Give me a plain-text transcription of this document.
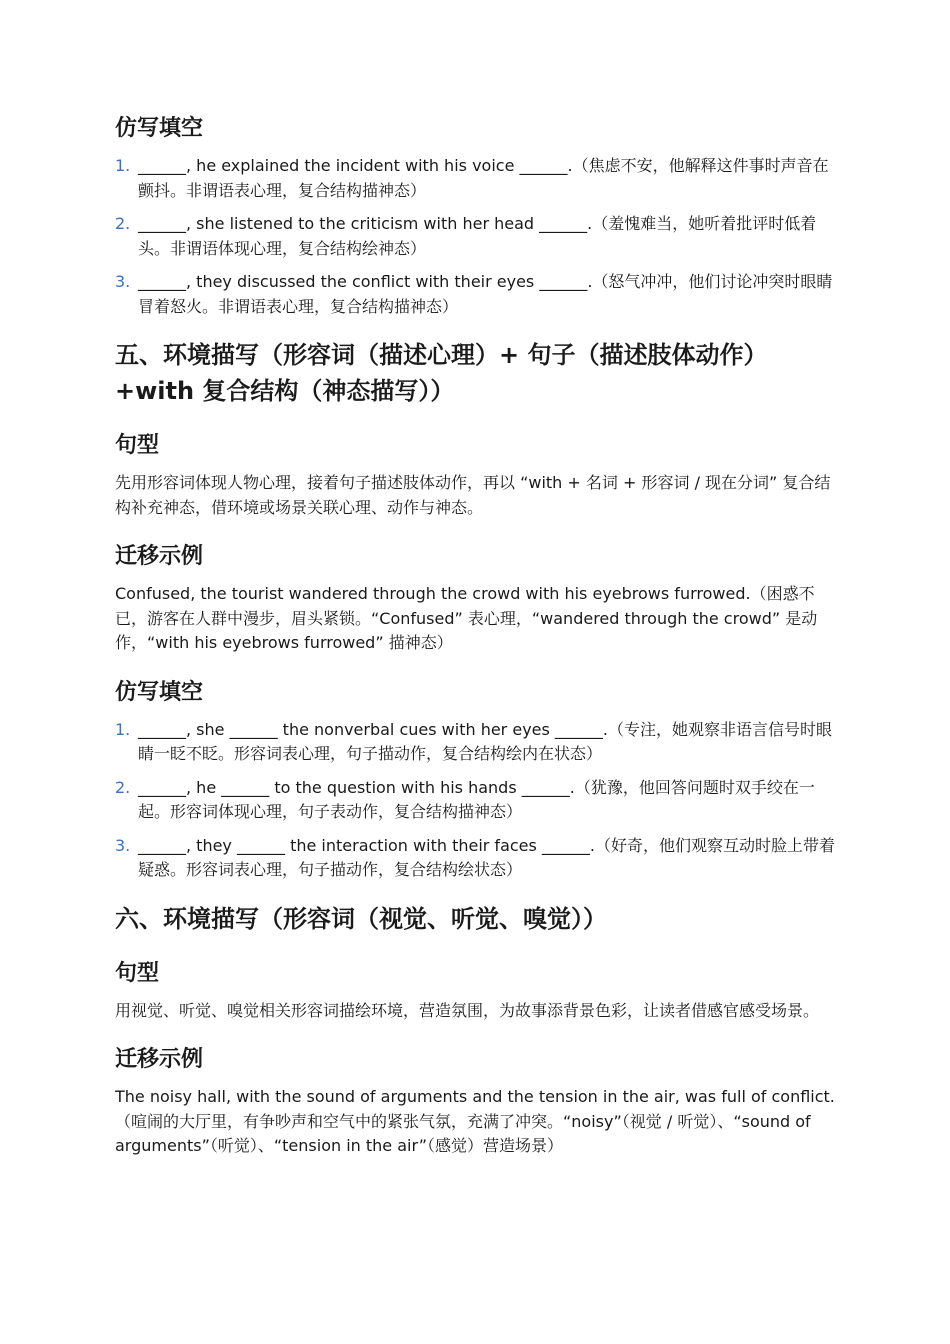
仿写填空
1. ______, he explained the incident with his voice ______.（焦虑不安，他解释这件事时声音在颤抖。非谓语表心理，复合结构描神态）
2. ______, she listened to the criticism with her head ______.（羞愧难当，她听着批评时低着头。非谓语体现心理，复合结构绘神态）
3. ______, they discussed the conflict with their eyes ______.（怒气冲冲，他们讨论冲突时眼睛冒着怒火。非谓语表心理，复合结构描神态）
五、环境描写（形容词（描述心理）+ 句子（描述肢体动作）+with 复合结构（神态描写））
句型

先用形容词体现人物心理，接着句子描述肢体动作，再以 “with + 名词 + 形容词 / 现在分词” 复合结构补充神态，借环境或场景关联心理、动作与神态。

迁移示例

Confused, the tourist wandered through the crowd with his eyebrows furrowed.（困惑不已，游客在人群中漫步，眉头紧锁。“Confused” 表心理，“wandered through the crowd” 是动作，“with his eyebrows furrowed” 描神态）

仿写填空
1. ______, she ______ the nonverbal cues with her eyes ______.（专注，她观察非语言信号时眼睛一眨不眨。形容词表心理，句子描动作，复合结构绘内在状态）
2. ______, he ______ to the question with his hands ______.（犹豫，他回答问题时双手绞在一起。形容词体现心理，句子表动作，复合结构描神态）
3. ______, they ______ the interaction with their faces ______.（好奇，他们观察互动时脸上带着疑惑。形容词表心理，句子描动作，复合结构绘状态）
六、环境描写（形容词（视觉、听觉、嗅觉））
句型

用视觉、听觉、嗅觉相关形容词描绘环境，营造氛围，为故事添背景色彩，让读者借感官感受场景。

迁移示例

The noisy hall, with the sound of arguments and the tension in the air, was full of conflict.（喧闹的大厅里，有争吵声和空气中的紧张气氛，充满了冲突。“noisy”（视觉 / 听觉）、“sound of arguments”（听觉）、“tension in the air”（感觉）营造场景）
